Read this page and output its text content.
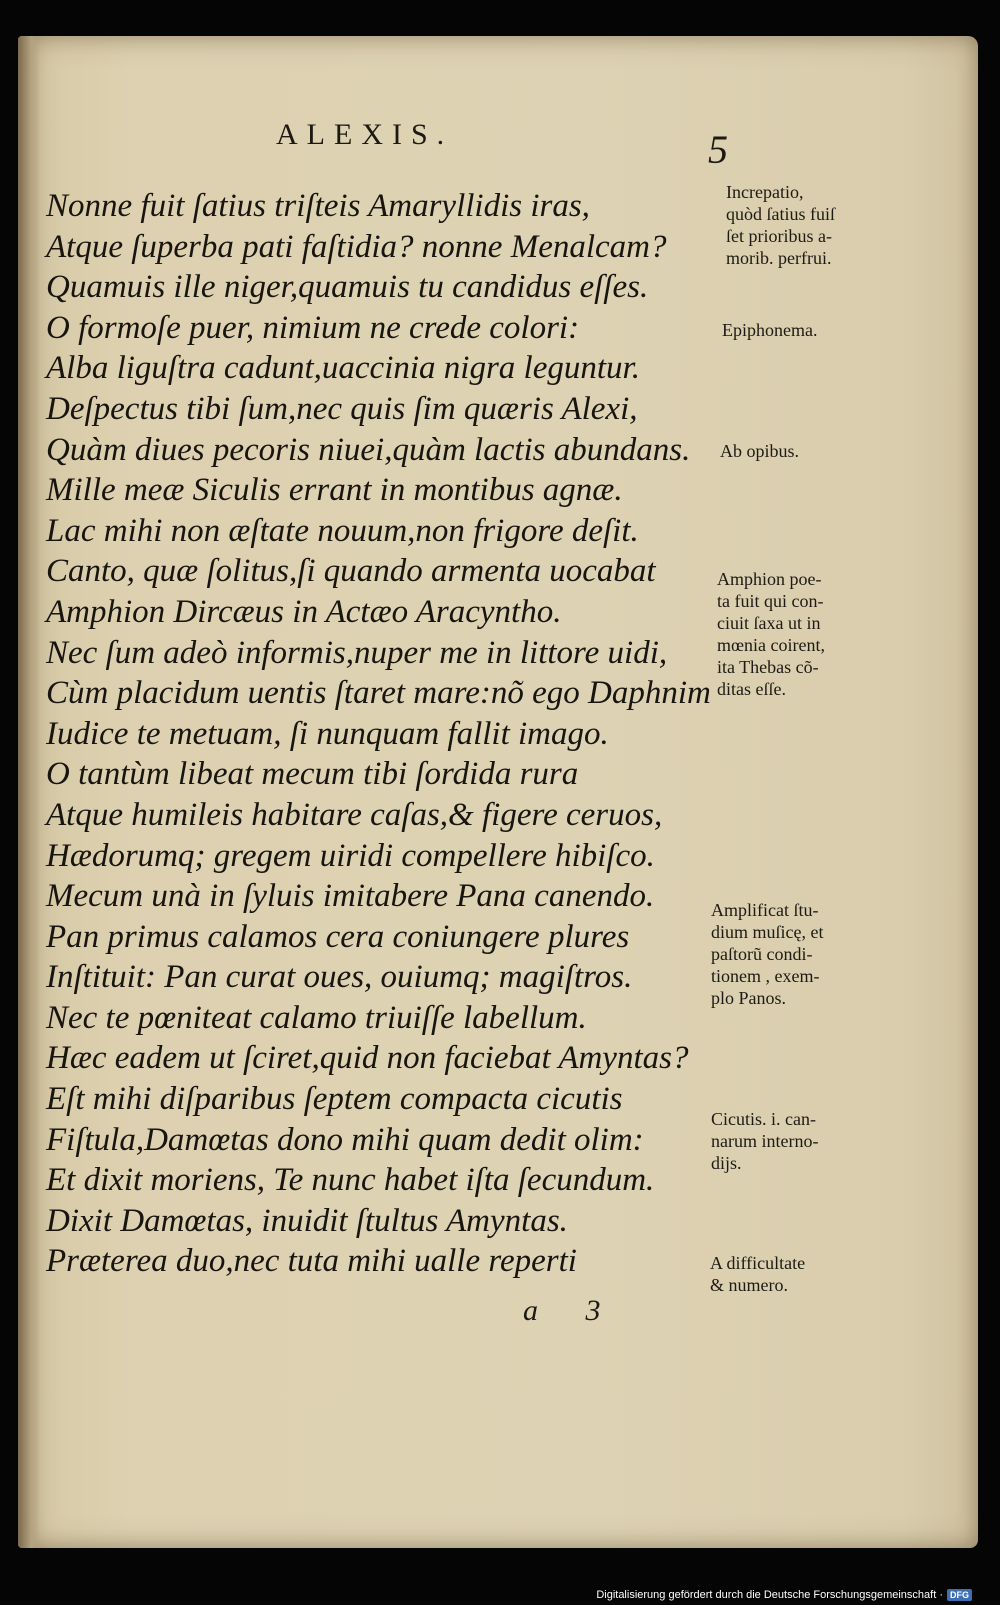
ALEXIS.	5
Nonne fuit ſatius triſteis Amaryllidis iras,
Atque ſuperba pati faſtidia? nonne Menalcam?
Quamuis ille niger,quamuis tu candidus eſſes.
O formoſe puer, nimium ne crede colori:
Alba liguſtra cadunt,uaccinia nigra leguntur.
Deſpectus tibi ſum,nec quis ſim quæris Alexi,
Quàm diues pecoris niuei,quàm lactis abundans.
Mille meæ Siculis errant in montibus agnæ.
Lac mihi non æſtate nouum,non frigore deſit.
Canto, quæ ſolitus,ſi quando armenta uocabat
Amphion Dircæus in Actæo Aracyntho.
Nec ſum adeò informis,nuper me in littore uidi,
Cùm placidum uentis ſtaret mare:nõ ego Daphnim
Iudice te metuam, ſi nunquam fallit imago.
O tantùm libeat mecum tibi ſordida rura
Atque humileis habitare caſas,& figere ceruos,
Hædorumq; gregem uiridi compellere hibiſco.
Mecum unà in ſyluis imitabere Pana canendo.
Pan primus calamos cera coniungere plures
Inſtituit: Pan curat oues, ouiumq; magiſtros.
Nec te pœniteat calamo triuiſſe labellum.
Hæc eadem ut ſciret,quid non faciebat Amyntas?
Eſt mihi diſparibus ſeptem compacta cicutis
Fiſtula,Damœtas dono mihi quam dedit olim:
Et dixit moriens, Te nunc habet iſta ſecundum.
Dixit Damœtas, inuidit ſtultus Amyntas.
Præterea duo,nec tuta mihi ualle reperti
Increpatio,
quòd ſatius fuiſ
ſet prioribus a-
morib. perfrui.
Epiphonema.
Ab opibus.
Amphion poe-
ta fuit qui con-
ciuit ſaxa ut in
mœnia coirent,
ita Thebas cõ-
ditas eſſe.
Amplificat ſtu-
dium muſicę, et
paſtorũ condi-
tionem , exem-
plo Panos.
Cicutis. i. can-
narum interno-
dijs.
A difficultate
& numero.
a 3
Digitalisierung gefördert durch die Deutsche Forschungsgemeinschaft · DFG
